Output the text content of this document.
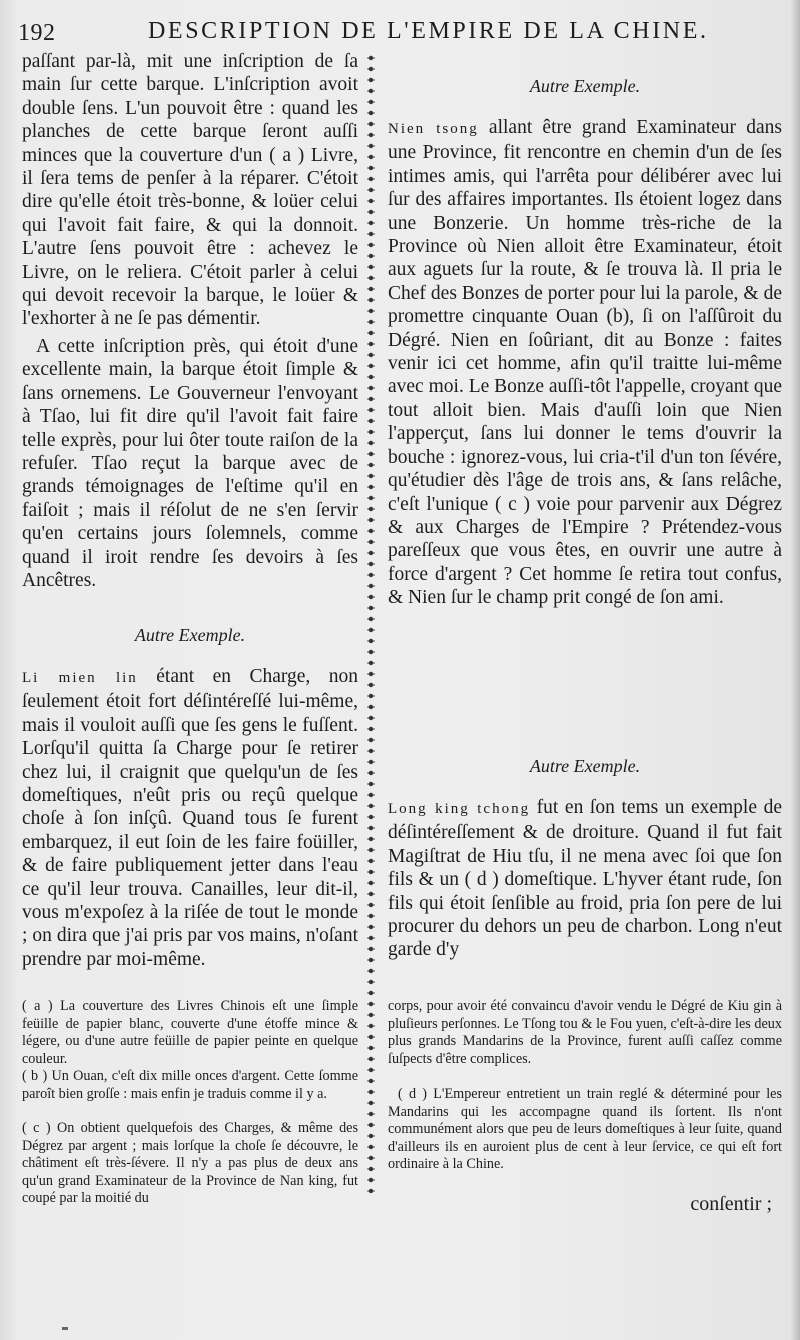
192	DESCRIPTION DE L'EMPIRE DE LA CHINE.

paſſant par-là, mit une inſcription de ſa main ſur cette barque. L'inſcription avoit double ſens. L'un pouvoit être : quand les planches de cette barque ſeront auſſi minces que la couverture d'un ( a ) Livre, il ſera tems de penſer à la réparer. C'étoit dire qu'elle étoit très-bonne, & loüer celui qui l'avoit fait faire, & qui la donnoit. L'autre ſens pouvoit être : achevez le Livre, on le reliera. C'étoit parler à celui qui devoit recevoir la barque, le loüer & l'exhorter à ne ſe pas démentir.

A cette inſcription près, qui étoit d'une excellente main, la barque étoit ſimple & ſans ornemens. Le Gouverneur l'envoyant à Tſao, lui fit dire qu'il l'avoit fait faire telle exprès, pour lui ôter toute raiſon de la refuſer. Tſao reçut la barque avec de grands témoignages de l'eſtime qu'il en faiſoit ; mais il réſolut de ne s'en ſervir qu'en certains jours ſolemnels, comme quand il iroit rendre ſes devoirs à ſes Ancêtres.

Autre Exemple.

Li mien lin étant en Charge, non ſeulement étoit fort déſintéreſſé lui-même, mais il vouloit auſſi que ſes gens le fuſſent. Lorſqu'il quitta ſa Charge pour ſe retirer chez lui, il craignit que quelqu'un de ſes domeſtiques, n'eût pris ou reçû quelque choſe à ſon inſçû. Quand tous ſe furent embarquez, il eut ſoin de les faire foüiller, & de faire publiquement jetter dans l'eau ce qu'il leur trouva. Canailles, leur dit-il, vous m'expoſez à la riſée de tout le monde ; on dira que j'ai pris par vos mains, n'oſant prendre par moi-même.

Autre Exemple.

Nien tsong allant être grand Examinateur dans une Province, fit rencontre en chemin d'un de ſes intimes amis, qui l'arrêta pour délibérer avec lui ſur des affaires importantes. Ils étoient logez dans une Bonzerie. Un homme très-riche de la Province où Nien alloit être Examinateur, étoit aux aguets ſur la route, & ſe trouva là. Il pria le Chef des Bonzes de porter pour lui la parole, & de promettre cinquante Ouan (b), ſi on l'aſſûroit du Dégré. Nien en ſoûriant, dit au Bonze : faites venir ici cet homme, afin qu'il traitte lui-même avec moi. Le Bonze auſſi-tôt l'appelle, croyant que tout alloit bien. Mais d'auſſi loin que Nien l'apperçut, ſans lui donner le tems d'ouvrir la bouche : ignorez-vous, lui cria-t'il d'un ton ſévére, qu'étudier dès l'âge de trois ans, & ſans relâche, c'eſt l'unique ( c ) voie pour parvenir aux Dégrez & aux Charges de l'Empire ? Prétendez-vous pareſſeux que vous êtes, en ouvrir une autre à force d'argent ? Cet homme ſe retira tout confus, & Nien ſur le champ prit congé de ſon ami.

Autre Exemple.

Long king tchong fut en ſon tems un exemple de déſintéreſſement & de droiture. Quand il fut fait Magiſtrat de Hiu tſu, il ne mena avec ſoi que ſon fils & un ( d ) domeſtique. L'hyver étant rude, ſon fils qui étoit ſenſible au froid, pria ſon pere de lui procurer du dehors un peu de charbon. Long n'eut garde d'y

( a ) La couverture des Livres Chinois eſt une ſimple feüille de papier blanc, couverte d'une étoffe mince & légere, ou d'une autre feüille de papier peinte en quelque couleur.

( b ) Un Ouan, c'eſt dix mille onces d'argent. Cette ſomme paroît bien groſſe : mais enfin je traduis comme il y a.

( c ) On obtient quelquefois des Charges, & même des Dégrez par argent ; mais lorſque la choſe ſe découvre, le châtiment eſt très-ſévere. Il n'y a pas plus de deux ans qu'un grand Examinateur de la Province de Nan king, fut coupé par la moitié du

corps, pour avoir été convaincu d'avoir vendu le Dégré de Kiu gin à pluſieurs perſonnes. Le Tſong tou & le Fou yuen, c'eſt-à-dire les deux plus grands Mandarins de la Province, furent auſſi caſſez comme ſuſpects d'être complices.

( d ) L'Empereur entretient un train reglé & déterminé pour les Mandarins qui les accompagne quand ils ſortent. Ils n'ont communément alors que peu de leurs domeſtiques à leur ſuite, quand d'ailleurs ils en auroient plus de cent à leur ſervice, ce qui eſt fort ordinaire à la Chine.

conſentir ;
